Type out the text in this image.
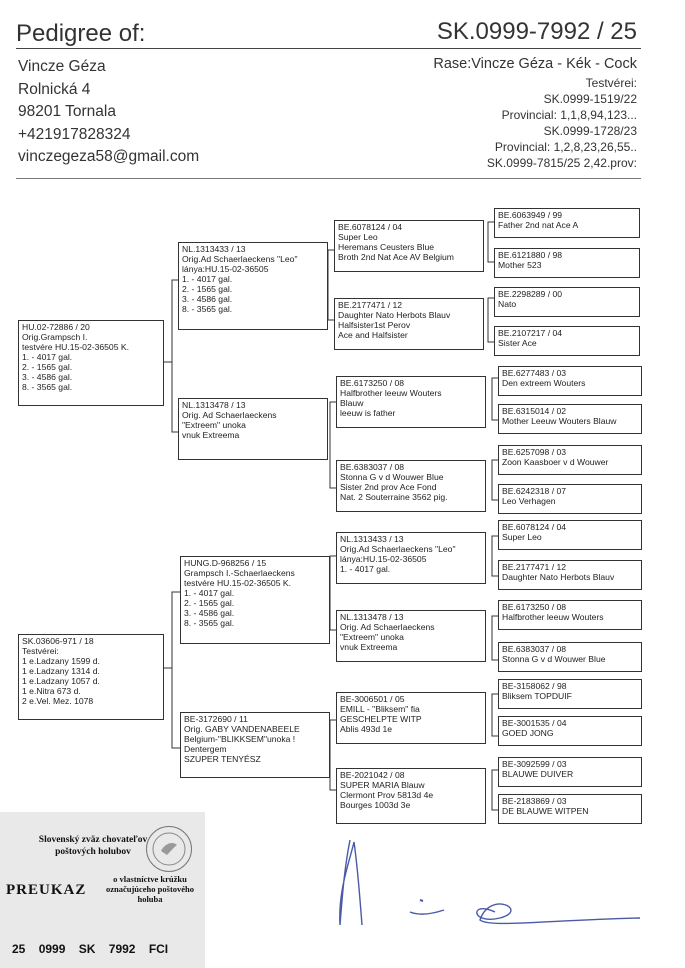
Pedigree of:	SK.0999-7992 / 25
Vincze Géza
Rolnická 4
98201 Tornala
+421917828324
vinczegeza58@gmail.com
Rase:Vincze Géza - Kék - Cock
Testvérei:
SK.0999-1519/22
Provincial: 1,1,8,94,123...
SK.0999-1728/23
Provincial: 1,2,8,23,26,55..
SK.0999-7815/25 2,42.prov:
HU.02-72886 / 20
Orig.Grampsch I.
testvére HU.15-02-36505 K.
1. - 4017 gal.
2. - 1565 gal.
3. - 4586 gal.
8. - 3565 gal.
SK.03606-971 / 18
Testvérei:
1 e.Ladzany 1599 d.
1 e.Ladzany 1314 d.
1 e.Ladzany 1057 d.
1 e.Nitra 673 d.
2 e.Vel. Mez. 1078
NL.1313433 / 13
Orig.Ad Schaerlaeckens "Leo"
lánya:HU.15-02-36505
1. - 4017 gal.
2. - 1565 gal.
3. - 4586 gal.
8. - 3565 gal.
NL.1313478 / 13
Orig. Ad Schaerlaeckens
"Extreem" unoka
vnuk Extreema
HUNG.D-968256 / 15
Grampsch I.-Schaerlaeckens
testvére HU.15-02-36505 K.
1. - 4017 gal.
2. - 1565 gal.
3. - 4586 gal.
8. - 3565 gal.
BE-3172690 / 11
Orig. GABY VANDENABEELE
Belgium-"BLIKKSEM"unoka !
Dentergem
SZUPER TENYÉSZ
BE.6078124 / 04
Super Leo
Heremans Ceusters Blue
Broth 2nd Nat Ace AV Belgium
BE.2177471 / 12
Daughter Nato Herbots Blauv
Halfsister1st Perov
Ace and Halfsister
BE.6173250 / 08
Halfbrother leeuw Wouters
Blauw
leeuw is father
BE.6383037 / 08
Stonna G v d Wouwer Blue
Sister 2nd prov Ace Fond
Nat. 2 Souterraine 3562 pig.
NL.1313433 / 13
Orig.Ad Schaerlaeckens "Leo"
lánya:HU.15-02-36505
1. - 4017 gal.
NL.1313478 / 13
Orig. Ad Schaerlaeckens
"Extreem" unoka
vnuk Extreema
BE-3006501 / 05
EMILL - "Bliksem" fia
GESCHELPTE WITP
Ablis 493d 1e
BE-2021042 / 08
SUPER MARIA Blauw
Clermont Prov 5813d 4e
Bourges 1003d 3e
BE.6063949 / 99
Father 2nd nat Ace A
BE.6121880 / 98
Mother 523
BE.2298289 / 00
Nato
BE.2107217 / 04
Sister Ace
BE.6277483 / 03
Den extreem Wouters
BE.6315014 / 02
Mother Leeuw Wouters Blauw
BE.6257098 / 03
Zoon Kaasboer v d Wouwer
BE.6242318 / 07
Leo Verhagen
BE.6078124 / 04
Super Leo
BE.2177471 / 12
Daughter Nato Herbots Blauv
BE.6173250 / 08
Halfbrother leeuw Wouters
BE.6383037 / 08
Stonna G v d Wouwer Blue
BE-3158062 / 98
Bliksem TOPDUIF
BE-3001535 / 04
GOED JONG
BE-3092599 / 03
BLAUWE DUIVER
BE-2183869 / 03
DE BLAUWE WITPEN
Slovenský zväz chovateľov poštových holubov
PREUKAZ
o vlastníctve krúžku označujúceho poštového holuba
25 0999 SK 7992 FCI
